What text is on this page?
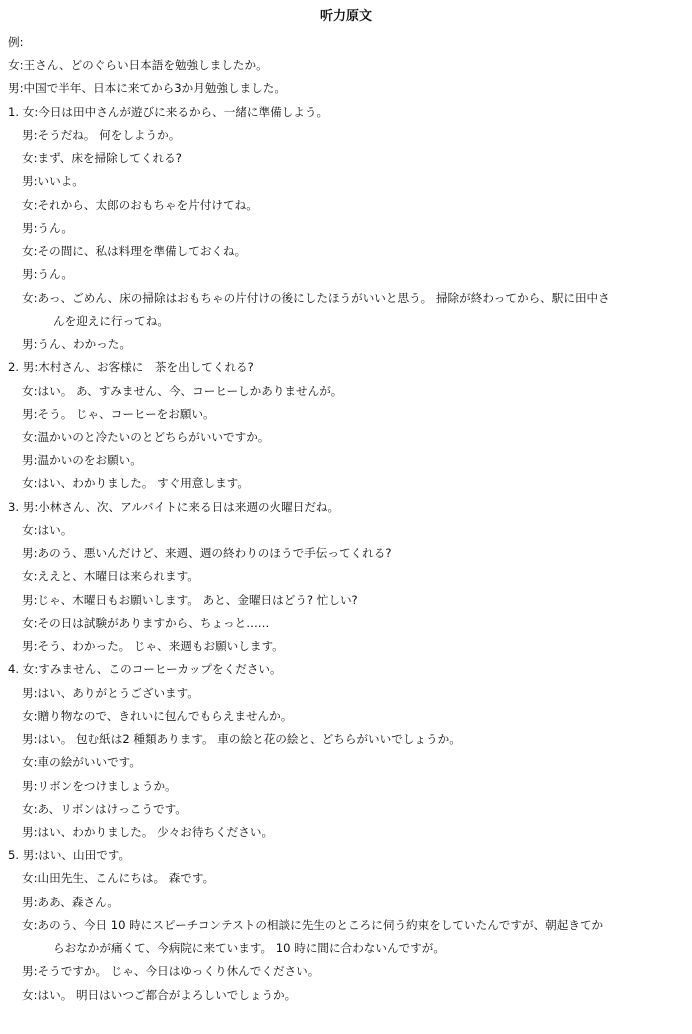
听力原文
例:
女:王さん、どのぐらい日本語を勉強しましたか。
男:中国で半年、日本に来てから3か月勉強しました。
1. 女:今日は田中さんが遊びに来るから、一緒に準備しよう。
男:そうだね。 何をしようか。
女:まず、床を掃除してくれる?
男:いいよ。
女:それから、太郎のおもちゃを片付けてね。
男:うん。
女:その間に、私は料理を準備しておくね。
男:うん。
女:あっ、ごめん、床の掃除はおもちゃの片付けの後にしたほうがいいと思う。 掃除が終わってから、駅に田中さ
んを迎えに行ってね。
男:うん、わかった。
2. 男:木村さん、お客様に　茶を出してくれる?
女:はい。 あ、すみません、今、コーヒーしかありませんが。
男:そう。 じゃ、コーヒーをお願い。
女:温かいのと冷たいのとどちらがいいですか。
男:温かいのをお願い。
女:はい、わかりました。 すぐ用意します。
3. 男:小林さん、次、アルバイトに来る日は来週の火曜日だね。
女:はい。
男:あのう、悪いんだけど、来週、週の終わりのほうで手伝ってくれる?
女:ええと、木曜日は来られます。
男:じゃ、木曜日もお願いします。 あと、金曜日はどう? 忙しい?
女:その日は試験がありますから、ちょっと……
男:そう、わかった。 じゃ、来週もお願いします。
4. 女:すみません、このコーヒーカップをください。
男:はい、ありがとうございます。
女:贈り物なので、きれいに包んでもらえませんか。
男:はい。 包む紙は2 種類あります。 車の絵と花の絵と、どちらがいいでしょうか。
女:車の絵がいいです。
男:リボンをつけましょうか。
女:あ、リボンはけっこうです。
男:はい、わかりました。 少々お待ちください。
5. 男:はい、山田です。
女:山田先生、こんにちは。 森です。
男:ああ、森さん。
女:あのう、今日 10 時にスピーチコンテストの相談に先生のところに伺う約束をしていたんですが、朝起きてか
らおなかが痛くて、今病院に来ています。 10 時に間に合わないんですが。
男:そうですか。 じゃ、今日はゆっくり休んでください。
女:はい。 明日はいつご都合がよろしいでしょうか。
